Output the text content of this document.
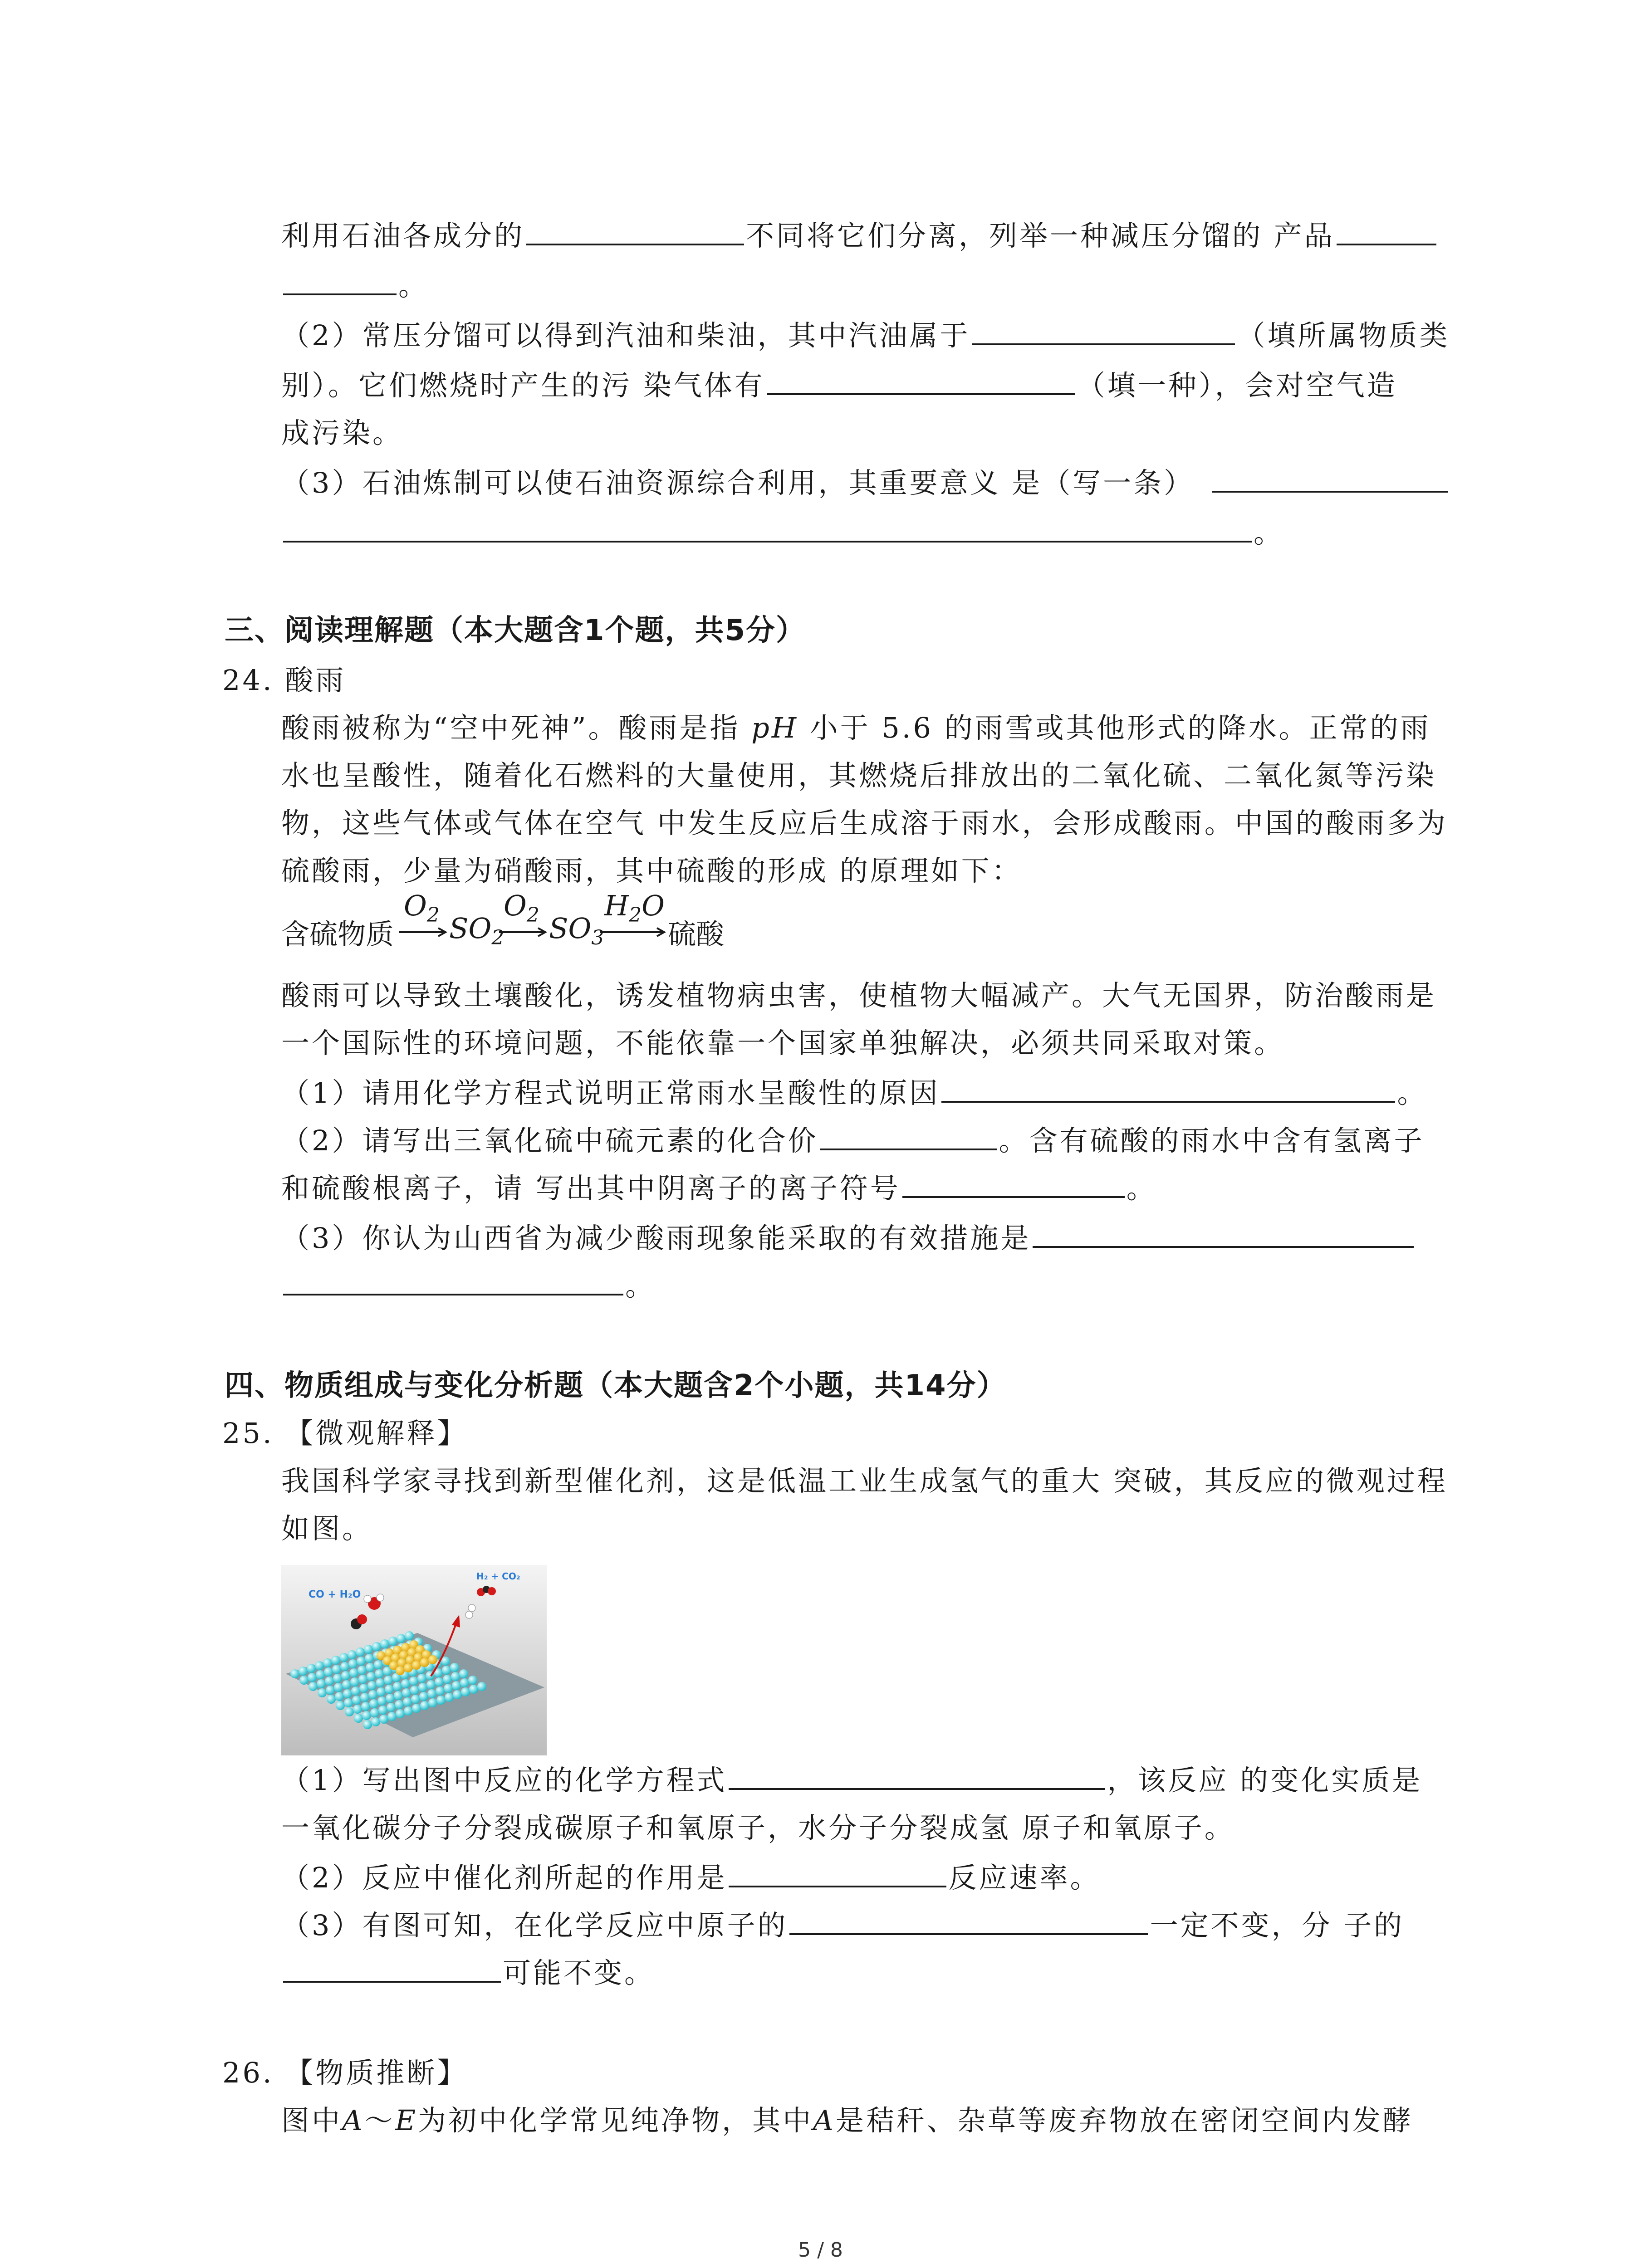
利用石油各成分的	不同将它们分离，列举一种减压分馏的 产品
。
（2）常压分馏可以得到汽油和柴油，其中汽油属于	（填所属物质类
别）。它们燃烧时产生的污 染气体有	（填一种），会对空气造
成污染。
（3）石油炼制可以使石油资源综合利用，其重要意义 是（写一条）
。
三、阅读理解题（本大题含1个题，共5分）
24. 酸雨
酸雨被称为“空中死神”。酸雨是指 pH 小于 5.6 的雨雪或其他形式的降水。正常的雨
水也呈酸性，随着化石燃料的大量使用，其燃烧后排放出的二氧化硫、二氧化氮等污染
物，这些气体或气体在空气 中发生反应后生成溶于雨水，会形成酸雨。中国的酸雨多为
硫酸雨，少量为硝酸雨，其中硫酸的形成 的原理如下：
含硫物质
$O_2 \to SO_2$
$O_2 \to SO_3$
$H_2O$
→ 硫酸
酸雨可以导致土壤酸化，诱发植物病虫害，使植物大幅减产。大气无国界，防治酸雨是
一个国际性的环境问题，不能依靠一个国家单独解决，必须共同采取对策。
（1）请用化学方程式说明正常雨水呈酸性的原因	。
（2）请写出三氧化硫中硫元素的化合价	。含有硫酸的雨水中含有氢离子
和硫酸根离子，请 写出其中阴离子的离子符号	。
（3）你认为山西省为减少酸雨现象能采取的有效措施是
。
四、物质组成与变化分析题（本大题含2个小题，共14分）
25. 【微观解释】
我国科学家寻找到新型催化剂，这是低温工业生成氢气的重大 突破，其反应的微观过程
如图。
CO + H₂O
H₂ + CO₂
（1）写出图中反应的化学方程式	，该反应 的变化实质是
一氧化碳分子分裂成碳原子和氧原子，水分子分裂成氢 原子和氧原子。
（2）反应中催化剂所起的作用是	反应速率。
（3）有图可知，在化学反应中原子的	一定不变，分 子的
可能不变。
26. 【物质推断】
图中A～E为初中化学常见纯净物，其中A是秸秆、杂草等废弃物放在密闭空间内发酵
5 / 8
